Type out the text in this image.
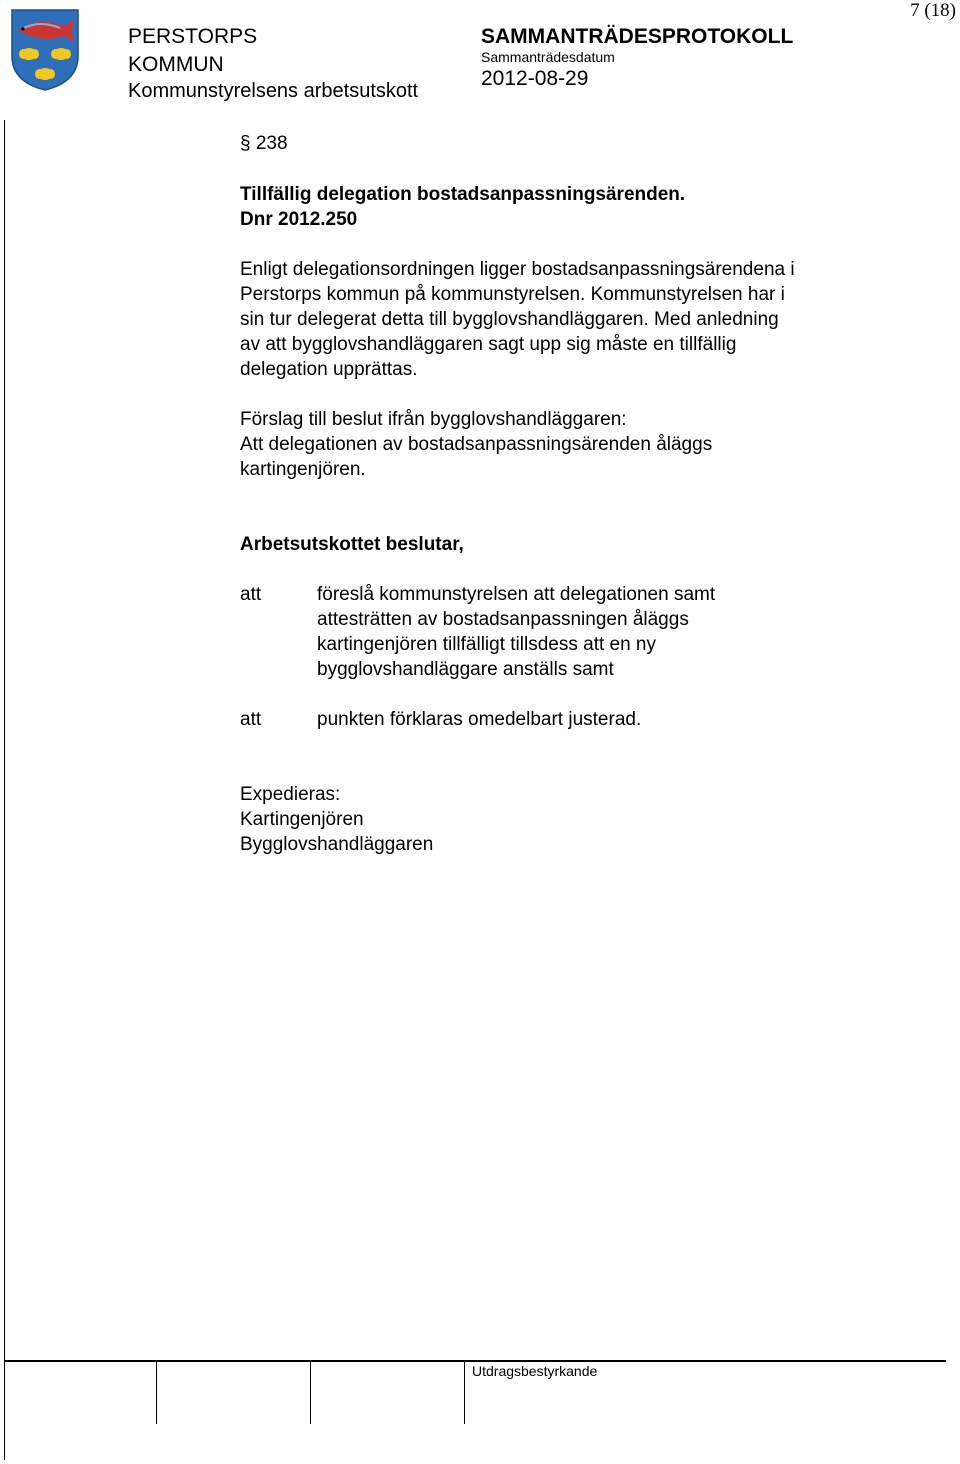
7 (18)
PERSTORPS
KOMMUN
Kommunstyrelsens arbetsutskott
SAMMANTRÄDESPROTOKOLL
Sammanträdesdatum
2012-08-29
§ 238
Tillfällig delegation bostadsanpassningsärenden.
Dnr 2012.250

Enligt delegationsordningen ligger bostadsanpassningsärendena i

Perstorps kommun på kommunstyrelsen. Kommunstyrelsen har i

sin tur delegerat detta till bygglovshandläggaren. Med anledning

av att bygglovshandläggaren sagt upp sig måste en tillfällig

delegation upprättas.

Förslag till beslut ifrån bygglovshandläggaren:

Att delegationen av bostadsanpassningsärenden åläggs

kartingenjören.

Arbetsutskottet beslutar,
att	föreslå kommunstyrelsen att delegationen samt

attesträtten av bostadsanpassningen åläggs

kartingenjören tillfälligt tillsdess att en ny

bygglovshandläggare anställs samt

att	punkten förklaras omedelbart justerad.

Expedieras:

Kartingenjören

Bygglovshandläggaren

Utdragsbestyrkande
